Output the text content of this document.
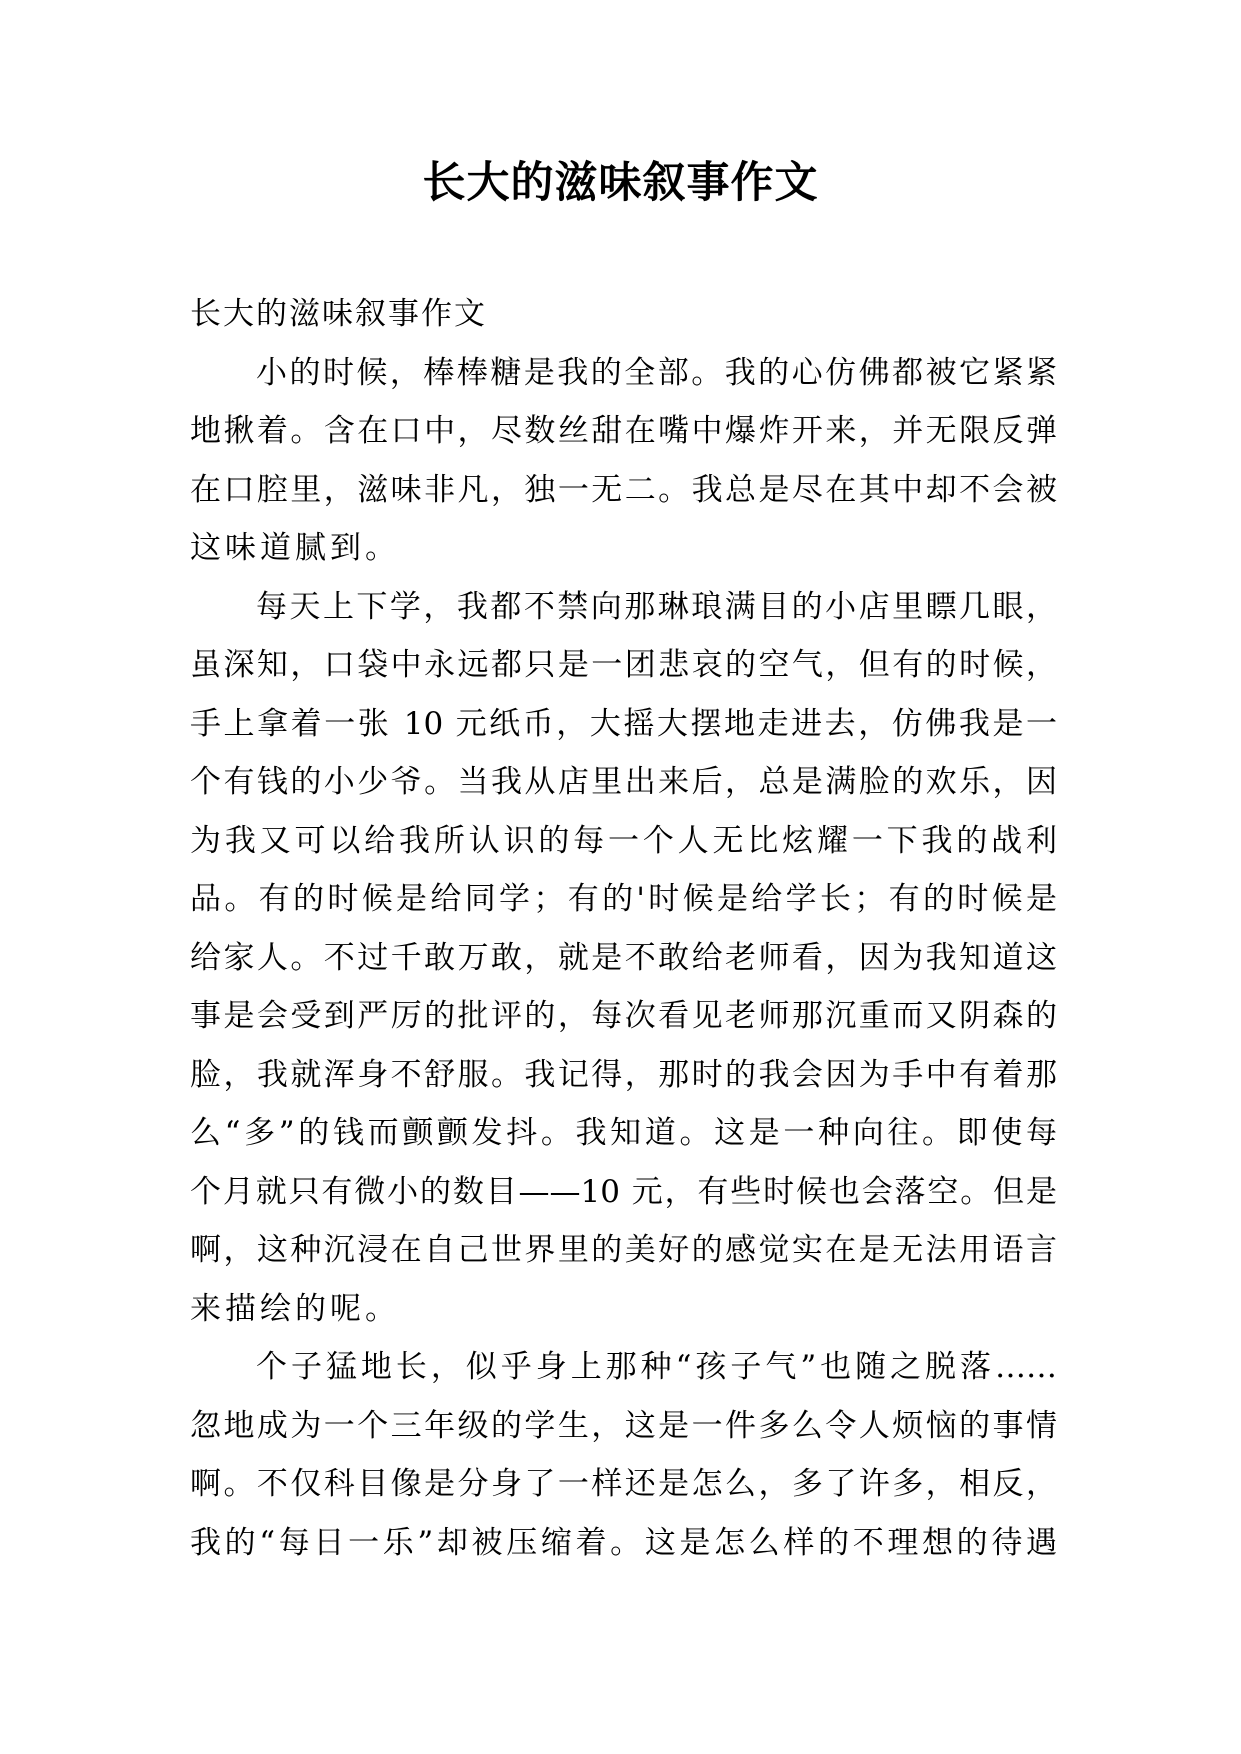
长大的滋味叙事作文
长大的滋味叙事作文
小的时候，棒棒糖是我的全部。我的心仿佛都被它紧紧
地揪着。含在口中，尽数丝甜在嘴中爆炸开来，并无限反弹
在口腔里，滋味非凡，独一无二。我总是尽在其中却不会被
这味道腻到。
每天上下学，我都不禁向那琳琅满目的小店里瞟几眼，
虽深知，口袋中永远都只是一团悲哀的空气，但有的时候，
手上拿着一张 10 元纸币，大摇大摆地走进去，仿佛我是一
个有钱的小少爷。当我从店里出来后，总是满脸的欢乐，因
为我又可以给我所认识的每一个人无比炫耀一下我的战利
品。有的时候是给同学；有的'时候是给学长；有的时候是
给家人。不过千敢万敢，就是不敢给老师看，因为我知道这
事是会受到严厉的批评的，每次看见老师那沉重而又阴森的
脸，我就浑身不舒服。我记得，那时的我会因为手中有着那
么“多”的钱而颤颤发抖。我知道。这是一种向往。即使每
个月就只有微小的数目——10 元，有些时候也会落空。但是
啊，这种沉浸在自己世界里的美好的感觉实在是无法用语言
来描绘的呢。
个子猛地长，似乎身上那种“孩子气”也随之脱落……
忽地成为一个三年级的学生，这是一件多么令人烦恼的事情
啊。不仅科目像是分身了一样还是怎么，多了许多，相反，
我的“每日一乐”却被压缩着。这是怎么样的不理想的待遇
